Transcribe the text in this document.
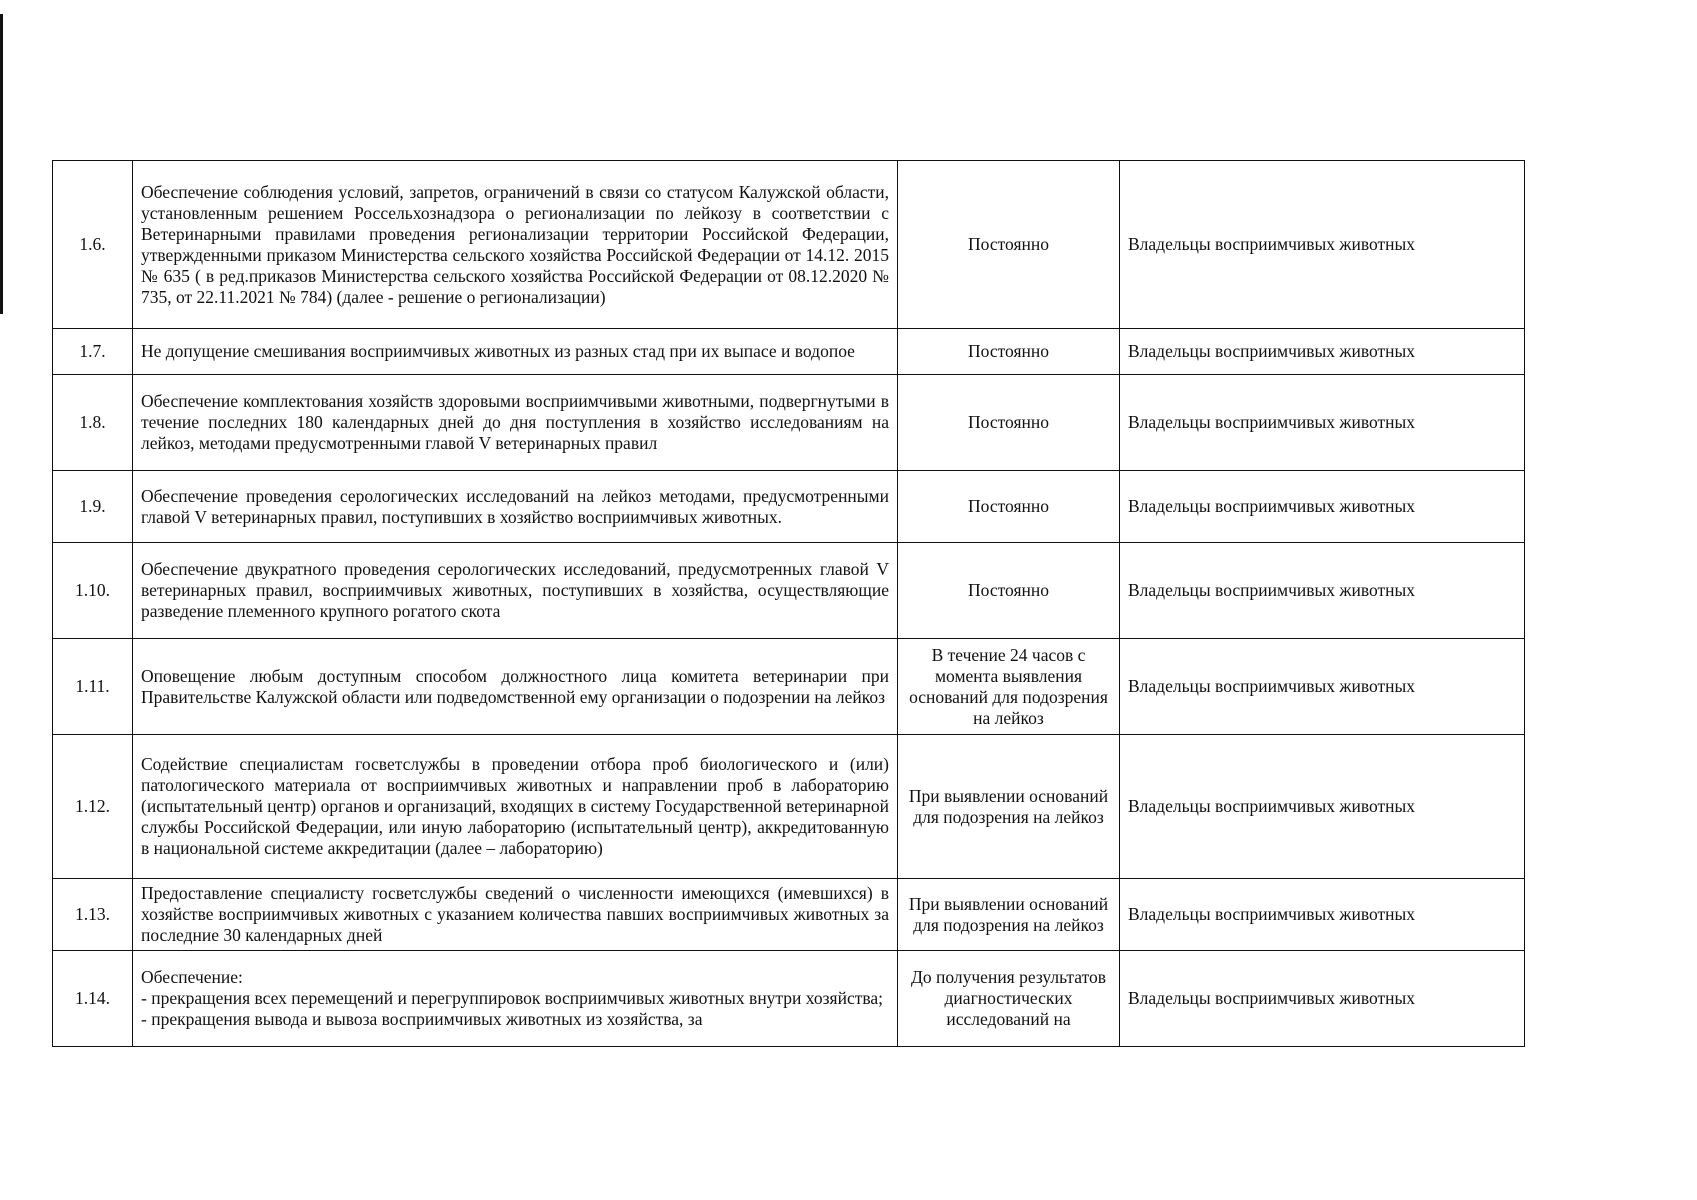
1.6.	Обеспечение соблюдения условий, запретов, ограничений в связи со статусом Калужской области, установленным решением Россельхознадзора о регионализации по лейкозу в соответствии с Ветеринарными правилами проведения регионализации территории Российской Федерации, утвержденными приказом Министерства сельского хозяйства Российской Федерации от 14.12. 2015 № 635 ( в ред.приказов Министерства сельского хозяйства Российской Федерации от 08.12.2020 № 735, от 22.11.2021 № 784) (далее - решение о регионализации)	Постоянно	Владельцы восприимчивых животных
1.7.	Не допущение смешивания восприимчивых животных из разных стад при их выпасе и водопое	Постоянно	Владельцы восприимчивых животных
1.8.	Обеспечение комплектования хозяйств здоровыми восприимчивыми животными, подвергнутыми в течение последних 180 календарных дней до дня поступления в хозяйство исследованиям на лейкоз, методами предусмотренными главой V ветеринарных правил	Постоянно	Владельцы восприимчивых животных
1.9.	Обеспечение проведения серологических исследований на лейкоз методами, предусмотренными главой V ветеринарных правил, поступивших в хозяйство восприимчивых животных.	Постоянно	Владельцы восприимчивых животных
1.10.	Обеспечение двукратного проведения серологических исследований, предусмотренных главой V ветеринарных правил, восприимчивых животных, поступивших в хозяйства, осуществляющие разведение племенного крупного рогатого скота	Постоянно	Владельцы восприимчивых животных
1.11.	Оповещение любым доступным способом должностного лица комитета ветеринарии при Правительстве Калужской области или подведомственной ему организации о подозрении на лейкоз	В течение 24 часов с момента выявления оснований для подозрения на лейкоз	Владельцы восприимчивых животных
1.12.	Содействие специалистам госветслужбы в проведении отбора проб биологического и (или) патологического материала от восприимчивых животных и направлении проб в лабораторию (испытательный центр) органов и организаций, входящих в систему Государственной ветеринарной службы Российской Федерации, или иную лабораторию (испытательный центр), аккредитованную в национальной системе аккредитации (далее – лабораторию)	При выявлении оснований для подозрения на лейкоз	Владельцы восприимчивых животных
1.13.	Предоставление специалисту госветслужбы сведений о численности имеющихся (имевшихся) в хозяйстве восприимчивых животных с указанием количества павших восприимчивых животных за последние 30 календарных дней	При выявлении оснований для подозрения на лейкоз	Владельцы восприимчивых животных
1.14.	Обеспечение:
- прекращения всех перемещений и перегруппировок восприимчивых животных внутри хозяйства;
- прекращения вывода и вывоза восприимчивых животных из хозяйства, за	До получения результатов диагностических исследований на	Владельцы восприимчивых животных
